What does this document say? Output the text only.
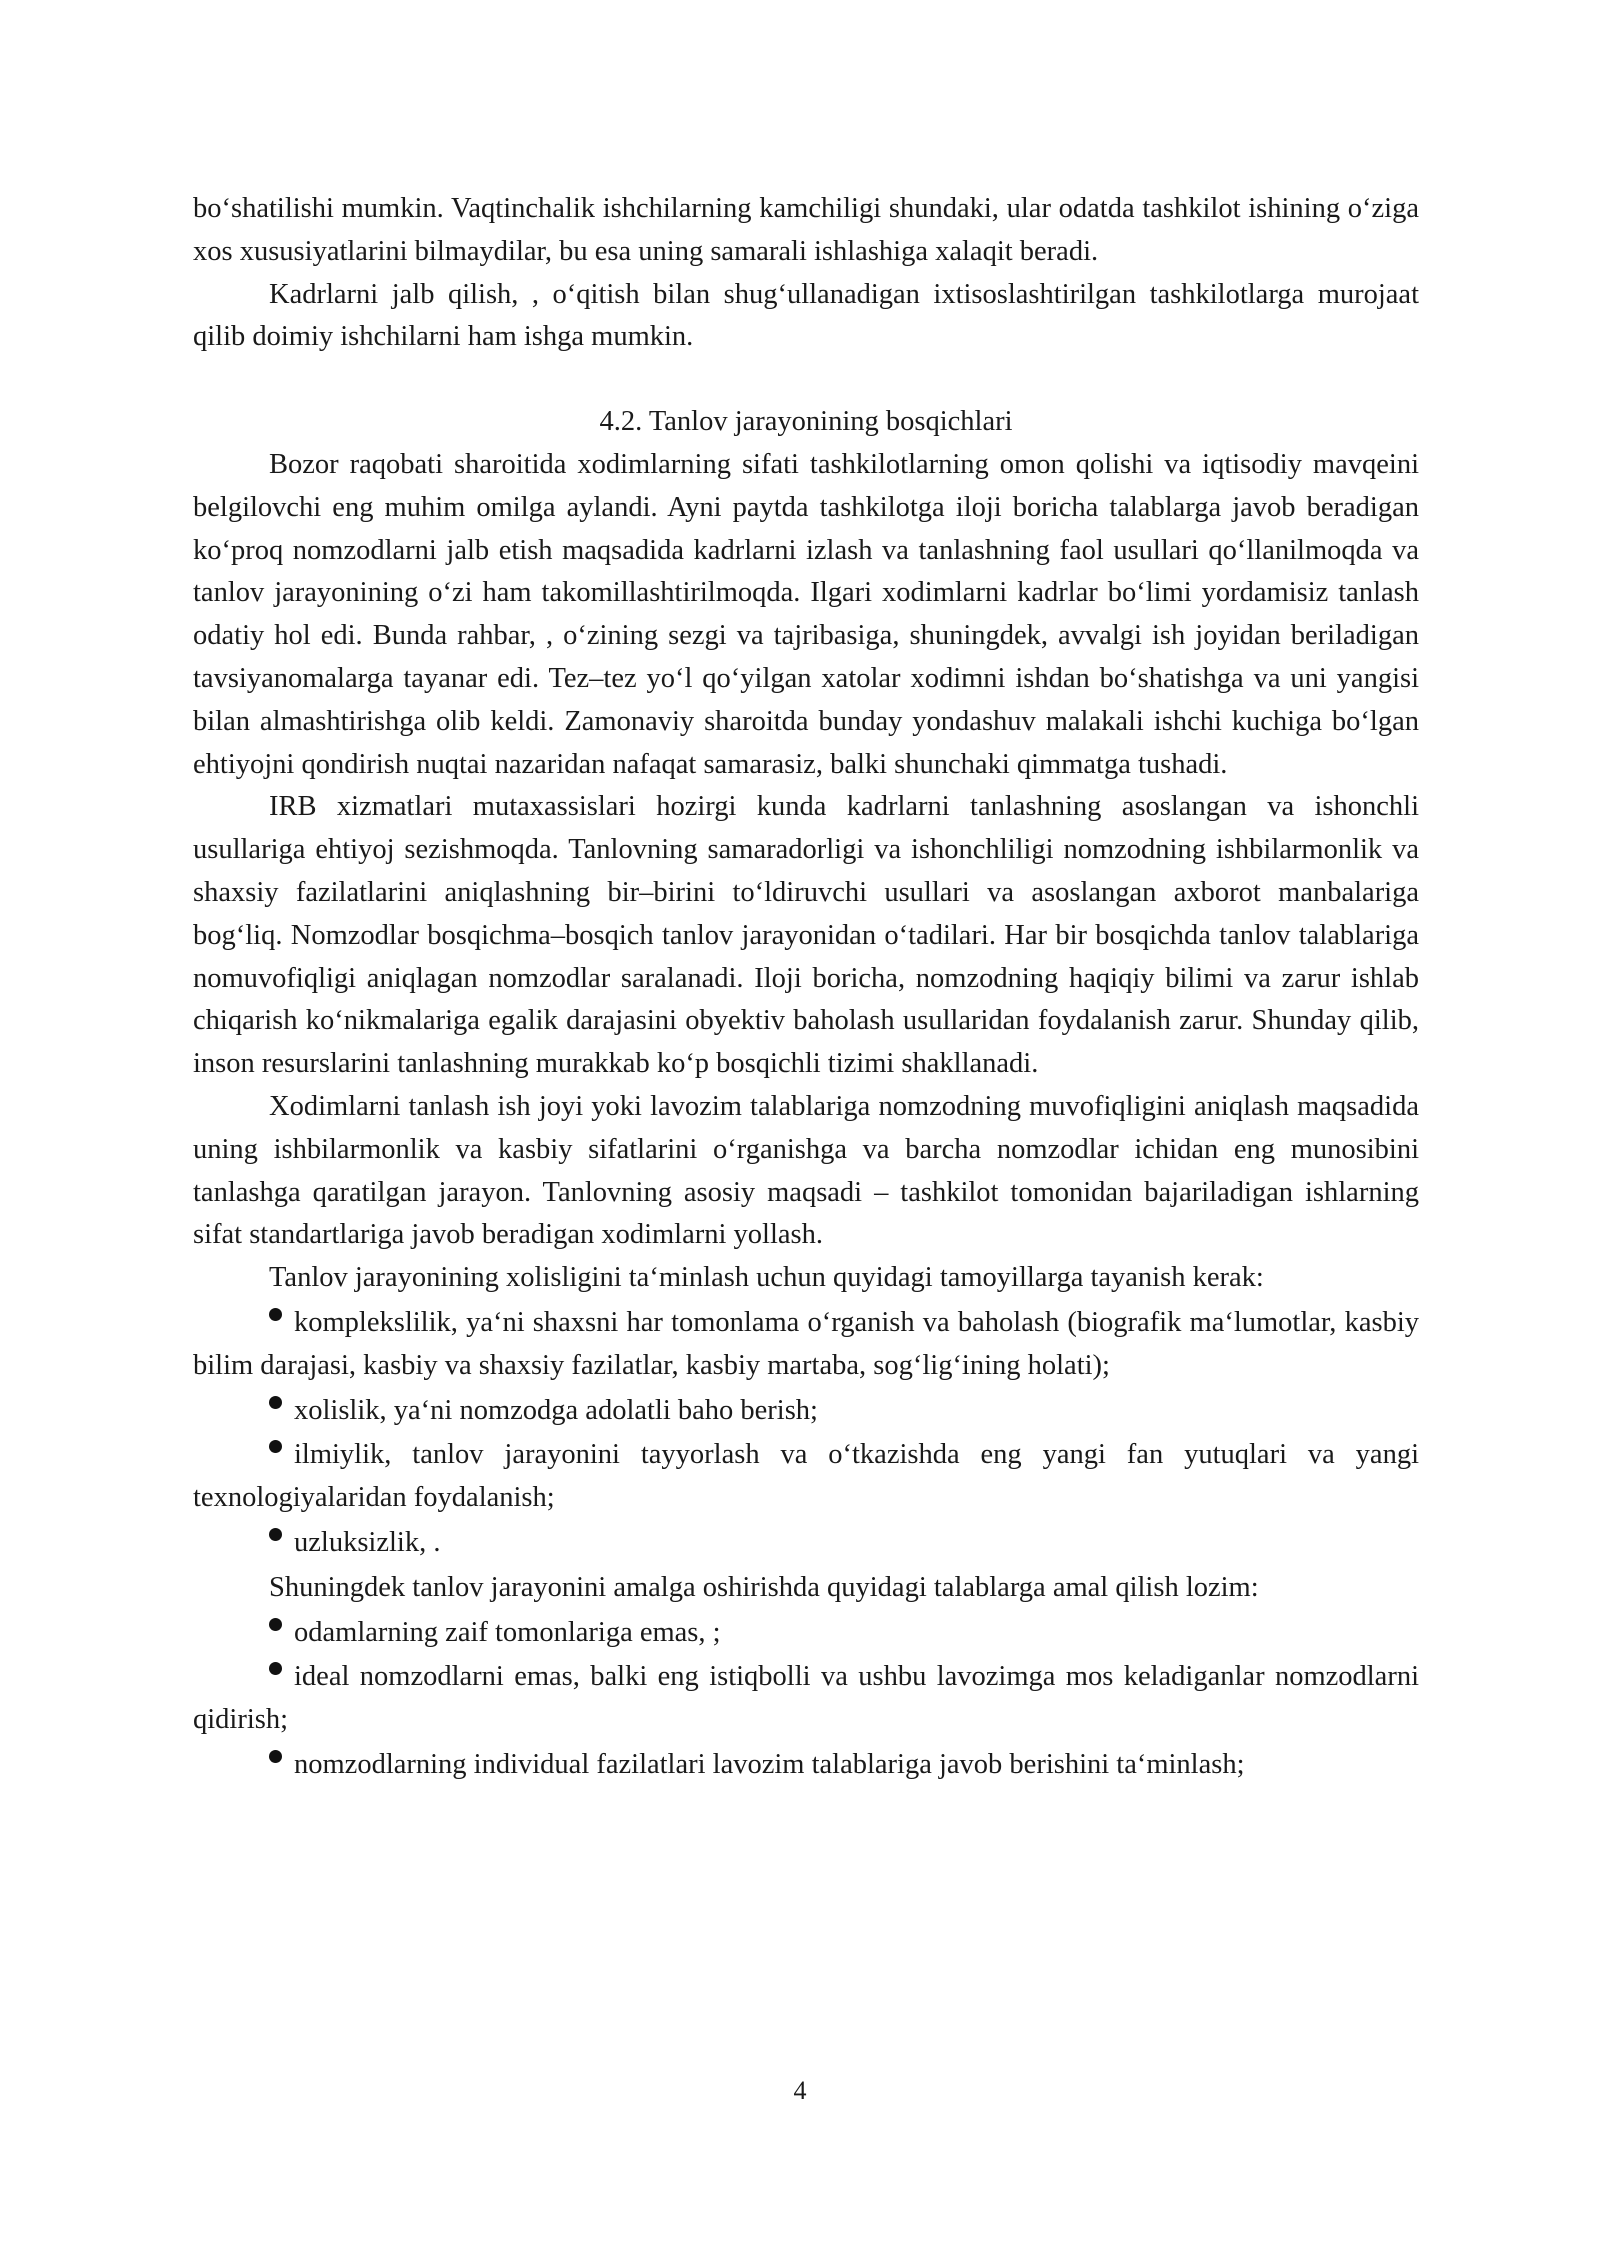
bo‘shatilishi mumkin. Vaqtinchalik ishchilarning kamchiligi shundaki, ular odatda tashkilot ishining o‘ziga xos xususiyatlarini bilmaydilar, bu esa uning samarali ishlashiga xalaqit beradi.

Kadrlarni jalb qilish, , o‘qitish bilan shug‘ullanadigan ixtisoslashtirilgan tashkilotlarga murojaat qilib doimiy ishchilarni ham ishga mumkin.

4.2. Tanlov jarayonining bosqichlari

Bozor raqobati sharoitida xodimlarning sifati tashkilotlarning omon qolishi va iqtisodiy mavqeini belgilovchi eng muhim omilga aylandi. Ayni paytda tashkilotga iloji boricha talablarga javob beradigan ko‘proq nomzodlarni jalb etish maqsadida kadrlarni izlash va tanlashning faol usullari qo‘llanilmoqda va tanlov jarayonining o‘zi ham takomillashtirilmoqda. Ilgari xodimlarni kadrlar bo‘limi yordamisiz tanlash odatiy hol edi. Bunda rahbar, , o‘zining sezgi va tajribasiga, shuningdek, avvalgi ish joyidan beriladigan tavsiyanomalarga tayanar edi. Tez–tez yo‘l qo‘yilgan xatolar xodimni ishdan bo‘shatishga va uni yangisi bilan almashtirishga olib keldi. Zamonaviy sharoitda bunday yondashuv malakali ishchi kuchiga bo‘lgan ehtiyojni qondirish nuqtai nazaridan nafaqat samarasiz, balki shunchaki qimmatga tushadi.

IRB xizmatlari mutaxassislari hozirgi kunda kadrlarni tanlashning asoslangan va ishonchli usullariga ehtiyoj sezishmoqda. Tanlovning samaradorligi va ishonchliligi nomzodning ishbilarmonlik va shaxsiy fazilatlarini aniqlashning bir–birini to‘ldiruvchi usullari va asoslangan axborot manbalariga bog‘liq. Nomzodlar bosqichma–bosqich tanlov jarayonidan o‘tadilari. Har bir bosqichda tanlov talablariga nomuvofiqligi aniqlagan nomzodlar saralanadi. Iloji boricha, nomzodning haqiqiy bilimi va zarur ishlab chiqarish ko‘nikmalariga egalik darajasini obyektiv baholash usullaridan foydalanish zarur. Shunday qilib, inson resurslarini tanlashning murakkab ko‘p bosqichli tizimi shakllanadi.

Xodimlarni tanlash ish joyi yoki lavozim talablariga nomzodning muvofiqligini aniqlash maqsadida uning ishbilarmonlik va kasbiy sifatlarini o‘rganishga va barcha nomzodlar ichidan eng munosibini tanlashga qaratilgan jarayon. Tanlovning asosiy maqsadi – tashkilot tomonidan bajariladigan ishlarning sifat standartlariga javob beradigan xodimlarni yollash.

Tanlov jarayonining xolisligini ta‘minlash uchun quyidagi tamoyillarga tayanish kerak:

komplekslilik, ya‘ni shaxsni har tomonlama o‘rganish va baholash (biografik ma‘lumotlar, kasbiy bilim darajasi, kasbiy va shaxsiy fazilatlar, kasbiy martaba, sog‘lig‘ining holati);

xolislik, ya‘ni nomzodga adolatli baho berish;

ilmiylik, tanlov jarayonini tayyorlash va o‘tkazishda eng yangi fan yutuqlari va yangi texnologiyalaridan foydalanish;

uzluksizlik, .

Shuningdek tanlov jarayonini amalga oshirishda quyidagi talablarga amal qilish lozim:

odamlarning zaif tomonlariga emas, ;

ideal nomzodlarni emas, balki eng istiqbolli va ushbu lavozimga mos keladiganlar nomzodlarni qidirish;

nomzodlarning individual fazilatlari lavozim talablariga javob berishini ta‘minlash;

4
